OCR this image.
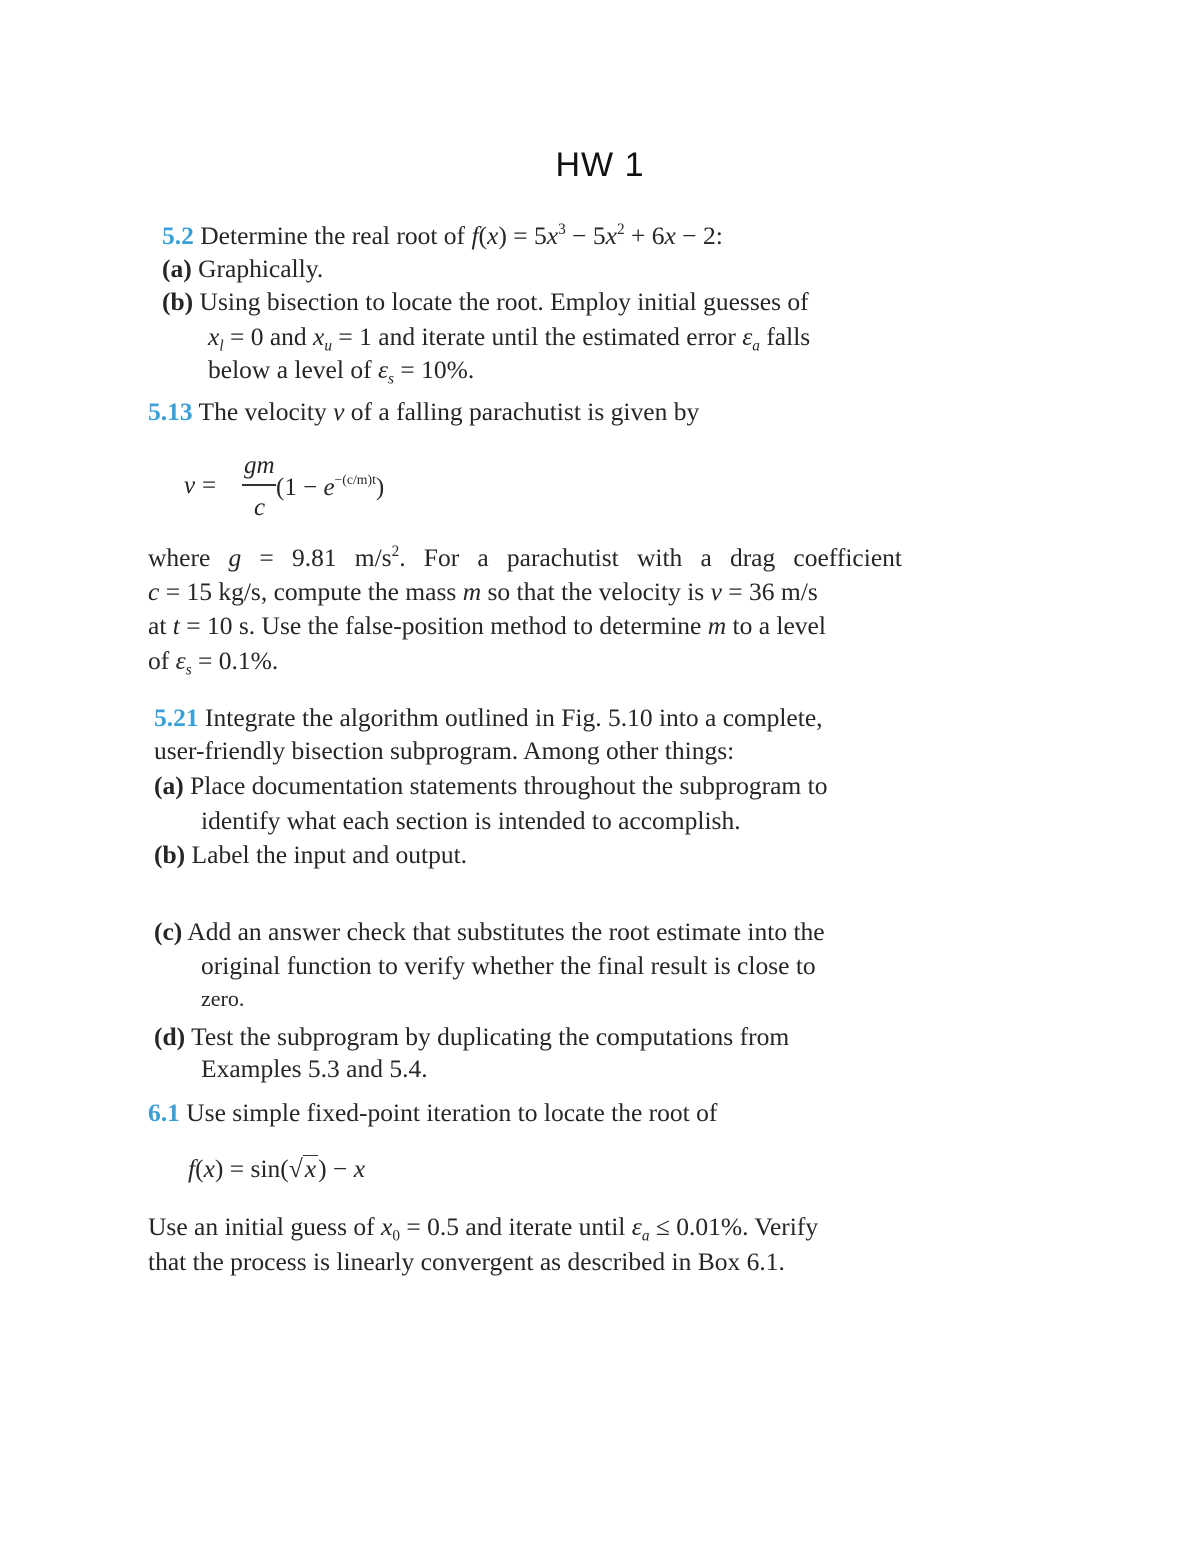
HW 1
5.2 Determine the real root of $f(x) = 5x^3 - 5x^2 + 6x - 2$:
(a) Graphically.
(b) Using bisection to locate the root. Employ initial guesses of
$x_l = 0$ and $x_u = 1$ and iterate until the estimated error $\varepsilon_a$ falls
below a level of $\varepsilon_s = 10\%$.
5.13 The velocity v of a falling parachutist is given by
v =
gm
c
$(1 - e^{-(c/m)t})$
where g = 9.81 $m/s^2$. For a parachutist with a drag coefficient
c = 15 kg/s, compute the mass m so that the velocity is v = 36 m/s
at t = 10 s. Use the false-position method to determine m to a level
of $\varepsilon_s = 0.1\%$.
5.21 Integrate the algorithm outlined in Fig. 5.10 into a complete,
user-friendly bisection subprogram. Among other things:
(a) Place documentation statements throughout the subprogram to
identify what each section is intended to accomplish.
(b) Label the input and output.
(c) Add an answer check that substitutes the root estimate into the
original function to verify whether the final result is close to
zero.
(d) Test the subprogram by duplicating the computations from
Examples 5.3 and 5.4.
6.1 Use simple fixed-point iteration to locate the root of
f(x) = sin(√x) − x
Use an initial guess of $x_0 = 0.5$ and iterate until $\varepsilon_a \le 0.01\%$. Verify
that the process is linearly convergent as described in Box 6.1.
